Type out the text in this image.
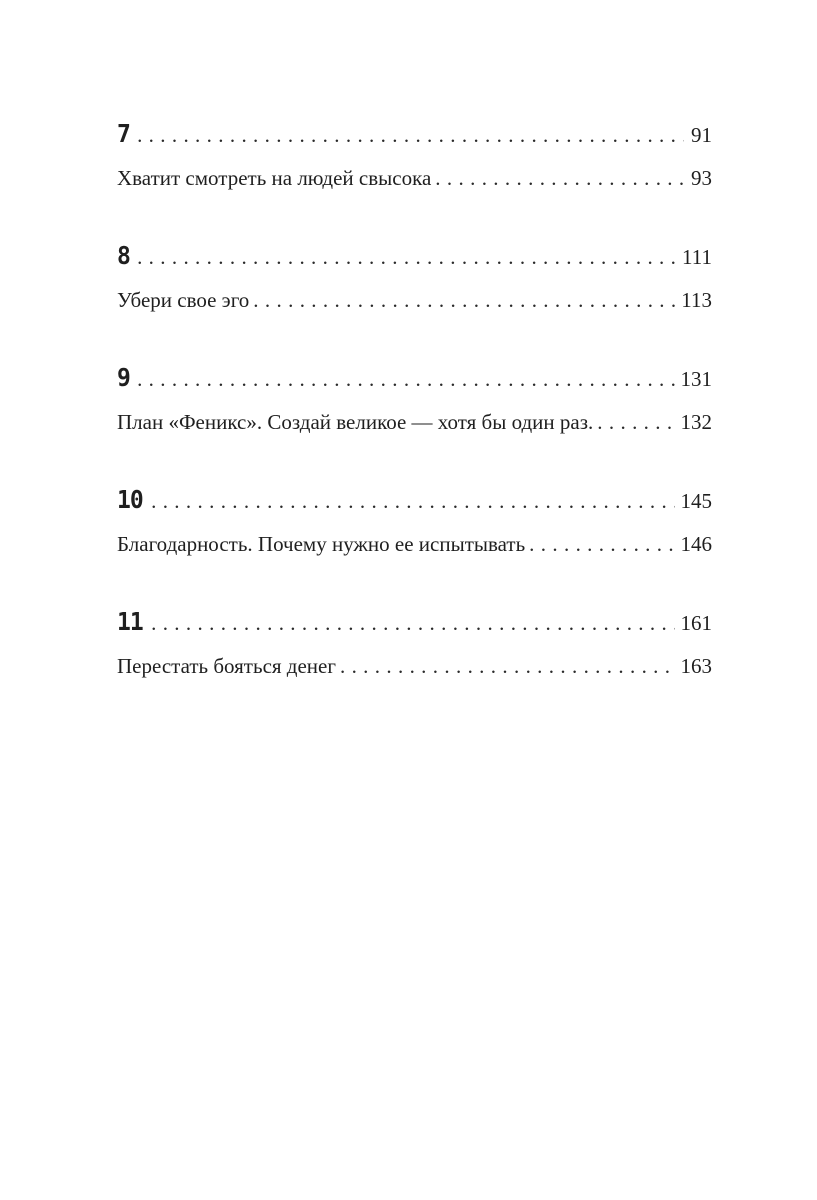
7 . . .	91
Хватит смотреть на людей свысока . . .	93
8 . . .	111
Убери свое эго . . .	113
9 . . .	131
План «Феникс». Создай великое — хотя бы один раз. . . .	132
10 . . .	145
Благодарность. Почему нужно ее испытывать . . .	146
11 . . .	161
Перестать бояться денег . . .	163
